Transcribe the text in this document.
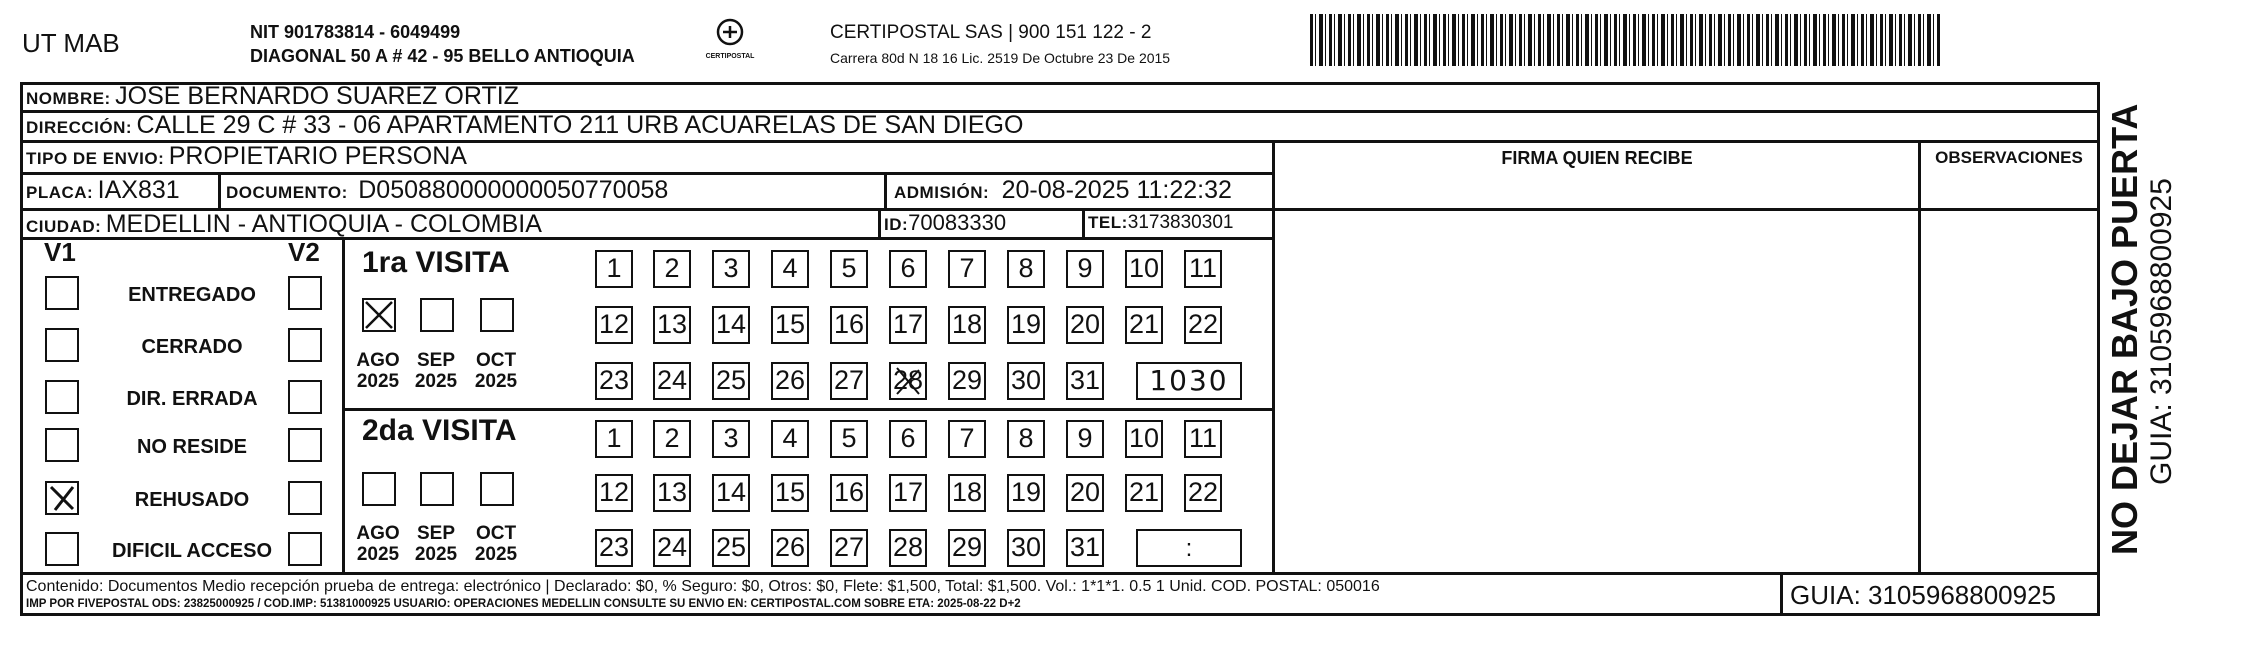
UT MAB	NIT 901783814 - 6049499
DIAGONAL 50 A # 42 - 95 BELLO ANTIOQUIA	CERTIPOSTAL
CERTIPOSTAL SAS | 900 151 122 - 2
Carrera 80d N 18 16 Lic. 2519 De Octubre 23 De 2015
NOMBRE: JOSE BERNARDO SUAREZ ORTIZ
DIRECCIÓN: CALLE 29 C # 33 - 06 APARTAMENTO 211 URB ACUARELAS DE SAN DIEGO
TIPO DE ENVIO: PROPIETARIO PERSONA
PLACA: IAX831	DOCUMENTO: D050880000000050770058	ADMISIÓN: 20-08-2025 11:22:32
CIUDAD: MEDELLIN - ANTIOQUIA - COLOMBIA	ID:70083330	TEL:3173830301
FIRMA QUIEN RECIBE	OBSERVACIONES
V1	V2
ENTREGADO
CERRADO
DIR. ERRADA
NO RESIDE
REHUSADO
DIFICIL ACCESO
1ra VISITA
2da VISITA
AGO
2025
SEP
2025
OCT
2025
AGO
2025
SEP
2025
OCT
2025
1	2	3	4	5	6	7	8	9	10 11
12 13 14 15 16 17 18 19 20 21 22
23 24 25 26 27 28 29 30 31	1030
1	2	3	4	5	6	7	8	9	10 11
12 13 14 15 16 17 18 19 20 21 22
23 24 25 26 27 28 29 30 31	:	NO DEJAR BAJO PUERTA GUIA: 3105968800925
Contenido: Documentos Medio recepción prueba de entrega: electrónico | Declarado: $0, % Seguro: $0, Otros: $0, Flete: $1,500, Total: $1,500. Vol.: 1*1*1. 0.5 1 Unid. COD. POSTAL: 050016
IMP POR FIVEPOSTAL ODS: 23825000925 / COD.IMP: 51381000925 USUARIO: OPERACIONES MEDELLIN CONSULTE SU ENVIO EN: CERTIPOSTAL.COM SOBRE ETA: 2025-08-22 D+2	GUIA: 3105968800925
